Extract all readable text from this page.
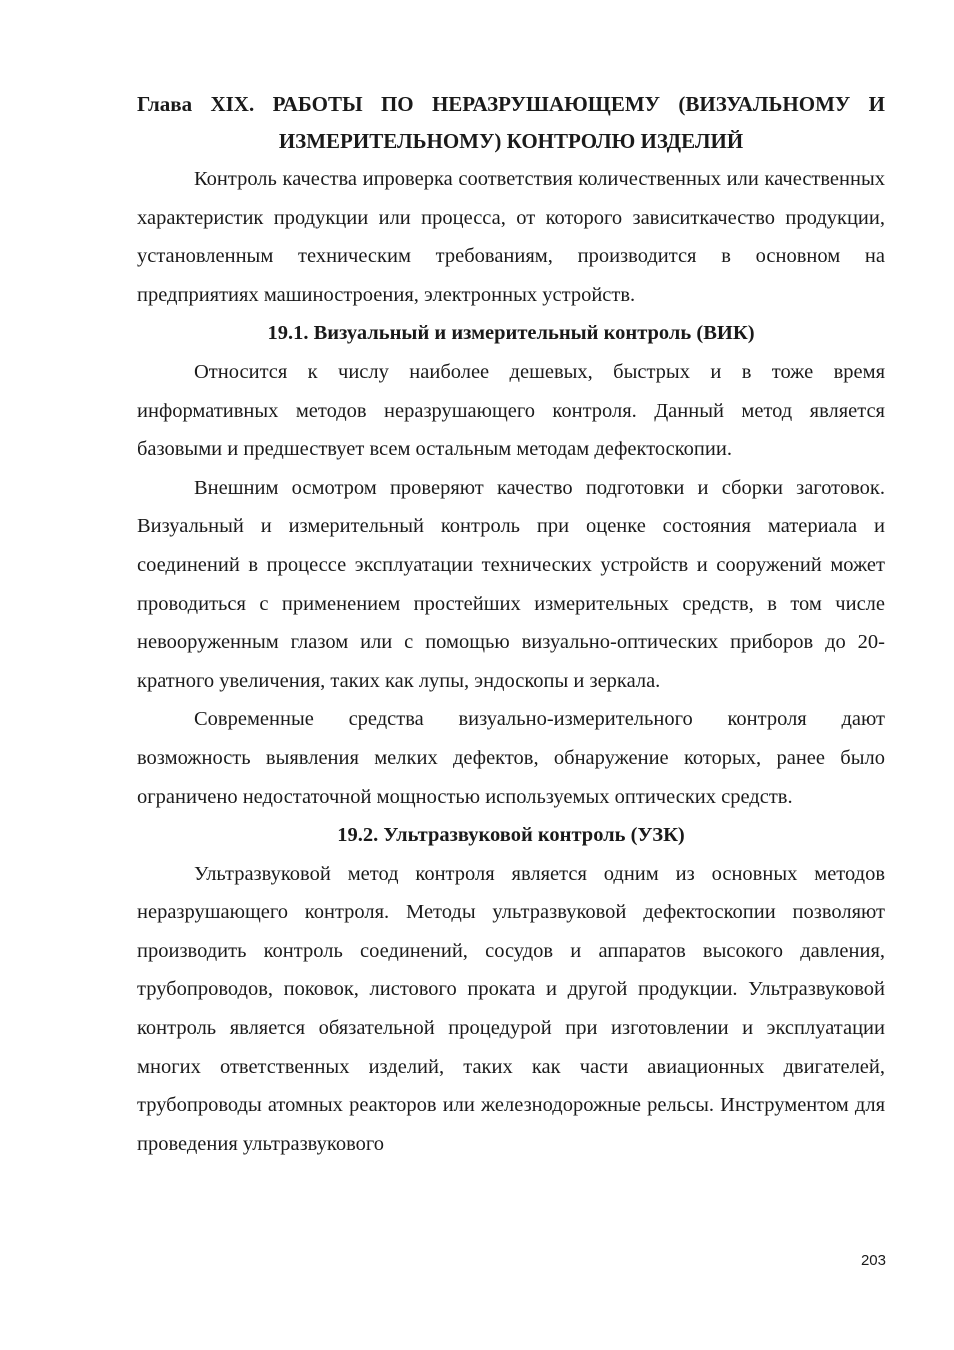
Глава XIX. РАБОТЫ ПО НЕРАЗРУШАЮЩЕМУ (ВИЗУАЛЬНОМУ И
ИЗМЕРИТЕЛЬНОМУ) КОНТРОЛЮ ИЗДЕЛИЙ

Контроль качества ипроверка соответствия количественных или качественных характеристик продукции или процесса, от которого зависиткачество продукции, установленным техническим требованиям, производится в основном на предприятиях машиностроения, электронных устройств.

19.1. Визуальный и измерительный контроль (ВИК)

Относится к числу наиболее дешевых, быстрых и в тоже время информативных методов неразрушающего контроля. Данный метод является базовыми и предшествует всем остальным методам дефектоскопии.

Внешним осмотром проверяют качество подготовки и сборки заготовок. Визуальный и измерительный контроль при оценке состояния материала и соединений в процессе эксплуатации технических устройств и сооружений может проводиться с применением простейших измерительных средств, в том числе невооруженным глазом или с помощью визуально-оптических приборов до 20-кратного увеличения, таких как лупы, эндоскопы и зеркала.

Современные средства визуально-измерительного контроля дают возможность выявления мелких дефектов, обнаружение которых, ранее было ограничено недостаточной мощностью используемых оптических средств.

19.2. Ультразвуковой контроль (УЗК)

Ультразвуковой метод контроля является одним из основных методов неразрушающего контроля. Методы ультразвуковой дефектоскопии позволяют производить контроль соединений, сосудов и аппаратов высокого давления, трубопроводов, поковок, листового проката и другой продукции. Ультразвуковой контроль является обязательной процедурой при изготовлении и эксплуатации многих ответственных изделий, таких как части авиационных двигателей, трубопроводы атомных реакторов или железнодорожные рельсы. Инструментом для проведения ультразвукового

203
